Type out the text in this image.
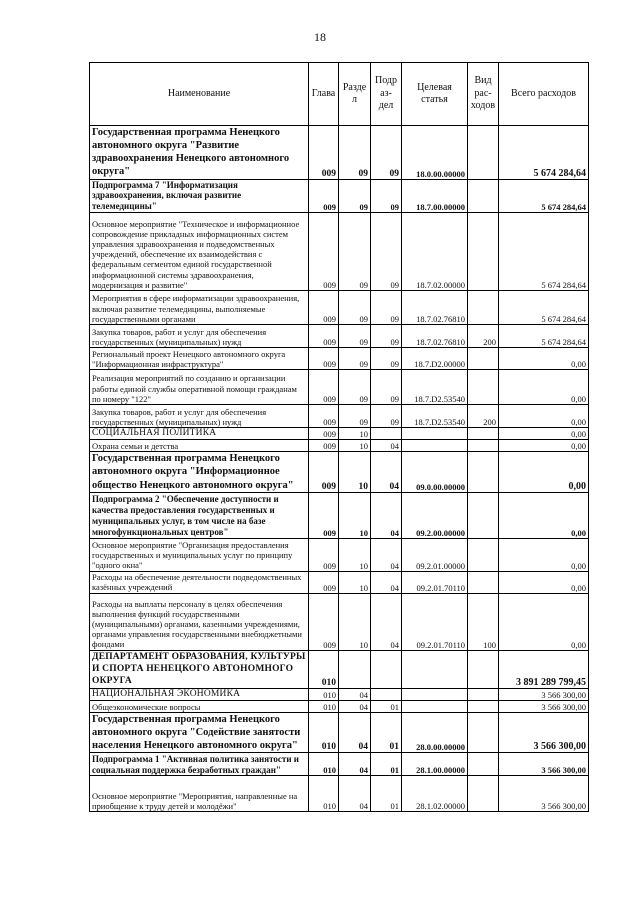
18
Наименование	Глава	Разде л	Подр аз- дел	Целевая статья	Вид рас- ходов	Всего расходов
Государственная программа Ненецкого автономного округа "Развитие здравоохранения Ненецкого автономного округа"	009	09	09	18.0.00.00000		5 674 284,64
Подпрограмма 7 "Информатизация здравоохранения, включая развитие телемедицины"	009	09	09	18.7.00.00000		5 674 284,64
Основное мероприятие "Техническое и информационное сопровождение прикладных информационных систем управления здравоохранения и подведомственных учреждений, обеспечение их взаимодействия с федеральным сегментом единой государственной информационной системы здравоохранения, модернизация и развитие"	009	09	09	18.7.02.00000		5 674 284,64
Мероприятия в сфере информатизации здравоохранения, включая развитие телемедицины, выполняемые государственными органами	009	09	09	18.7.02.76810		5 674 284,64
Закупка товаров, работ и услуг для обеспечения государственных (муниципальных) нужд	009	09	09	18.7.02.76810	200	5 674 284,64
Региональный проект Ненецкого автономного округа "Информационная инфраструктура"	009	09	09	18.7.D2.00000		0,00
Реализация мероприятий по созданию и организации работы единой службы оперативной помощи гражданам по номеру "122"	009	09	09	18.7.D2.53540		0,00
Закупка товаров, работ и услуг для обеспечения государственных (муниципальных) нужд	009	09	09	18.7.D2.53540	200	0,00
СОЦИАЛЬНАЯ ПОЛИТИКА	009	10				0,00
Охрана семьи и детства	009	10	04			0,00
Государственная программа Ненецкого автономного округа "Информационное общество Ненецкого автономного округа"	009	10	04	09.0.00.00000		0,00
Подпрограмма 2 "Обеспечение доступности и качества предоставления государственных и муниципальных услуг, в том числе на базе многофункциональных центров"	009	10	04	09.2.00.00000		0,00
Основное мероприятие "Организация предоставления государственных и муниципальных услуг по принципу "одного окна"	009	10	04	09.2.01.00000		0,00
Расходы на обеспечение деятельности подведомственных казённых учреждений	009	10	04	09.2.01.70110		0,00
Расходы на выплаты персоналу в целях обеспечения выполнения функций государственными (муниципальными) органами, казенными учреждениями, органами управления государственными внебюджетными фондами	009	10	04	09.2.01.70110	100	0,00
ДЕПАРТАМЕНТ ОБРАЗОВАНИЯ, КУЛЬТУРЫ И СПОРТА НЕНЕЦКОГО АВТОНОМНОГО ОКРУГА	010					3 891 289 799,45
НАЦИОНАЛЬНАЯ ЭКОНОМИКА	010	04				3 566 300,00
Общеэкономические вопросы	010	04	01			3 566 300,00
Государственная программа Ненецкого автономного округа "Содействие занятости населения Ненецкого автономного округа"	010	04	01	28.0.00.00000		3 566 300,00
Подпрограмма 1 "Активная политика занятости и социальная поддержка безработных граждан"	010	04	01	28.1.00.00000		3 566 300,00
Основное мероприятие "Мероприятия, направленные на приобщение к труду детей и молодёжи"	010	04	01	28.1.02.00000		3 566 300,00
